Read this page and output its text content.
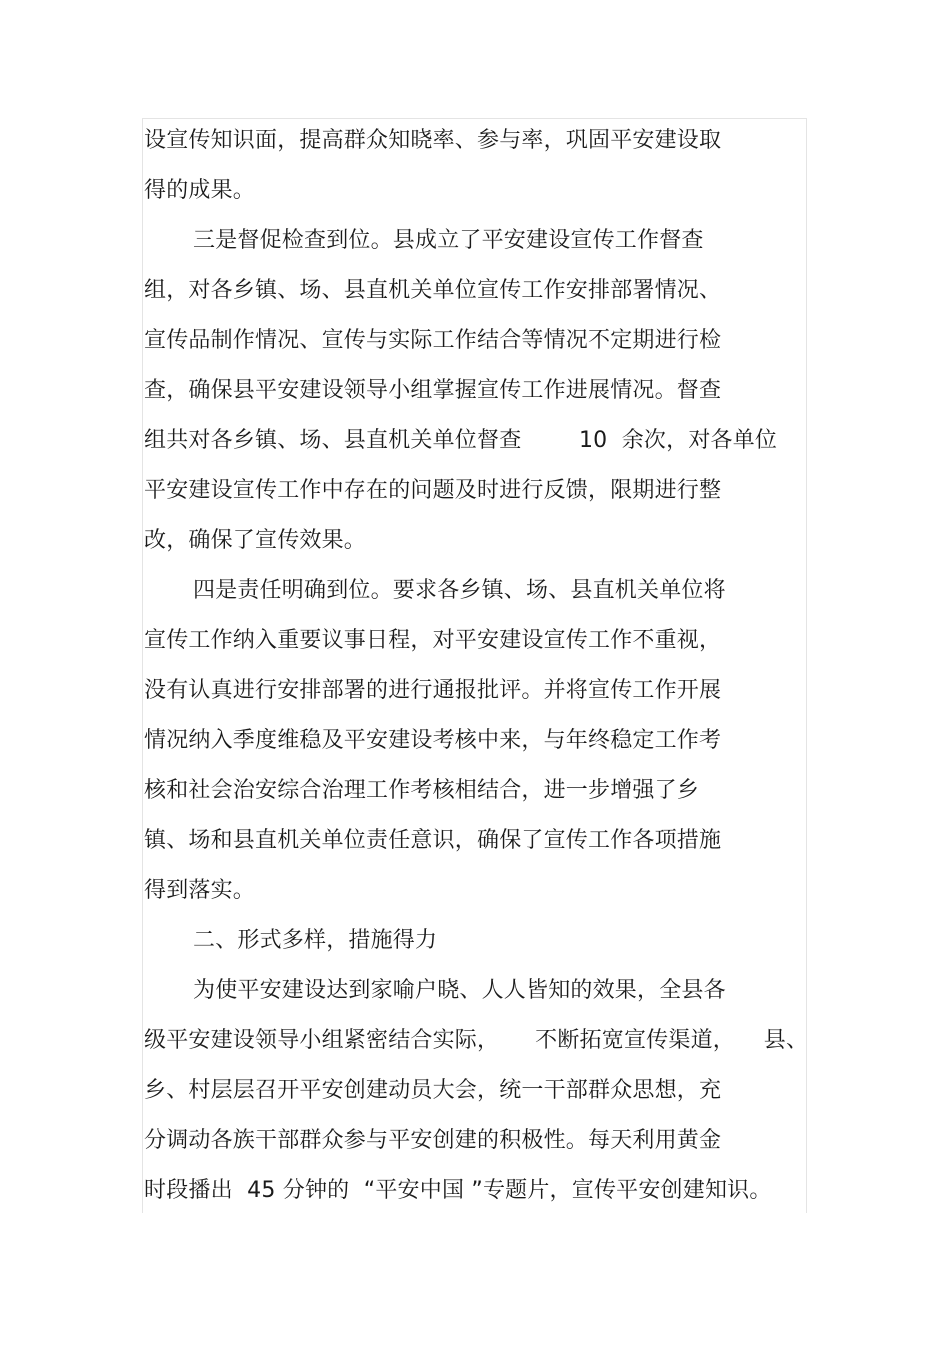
设宣传知识面，提高群众知晓率、参与率，巩固平安建设取
得的成果。
三是督促检查到位。县成立了平安建设宣传工作督查
组，对各乡镇、场、县直机关单位宣传工作安排部署情况、
宣传品制作情况、宣传与实际工作结合等情况不定期进行检
查，确保县平安建设领导小组掌握宣传工作进展情况。督查
组共对各乡镇、场、县直机关单位督查        10  余次，对各单位
平安建设宣传工作中存在的问题及时进行反馈，限期进行整
改，确保了宣传效果。
四是责任明确到位。要求各乡镇、场、县直机关单位将
宣传工作纳入重要议事日程，对平安建设宣传工作不重视，
没有认真进行安排部署的进行通报批评。并将宣传工作开展
情况纳入季度维稳及平安建设考核中来，与年终稳定工作考
核和社会治安综合治理工作考核相结合，进一步增强了乡
镇、场和县直机关单位责任意识，确保了宣传工作各项措施
得到落实。
二、形式多样，措施得力
为使平安建设达到家喻户晓、人人皆知的效果，全县各
级平安建设领导小组紧密结合实际，     不断拓宽宣传渠道，    县、
乡、村层层召开平安创建动员大会，统一干部群众思想，充
分调动各族干部群众参与平安创建的积极性。每天利用黄金
时段播出  45 分钟的  “平安中国 ”专题片，宣传平安创建知识。
